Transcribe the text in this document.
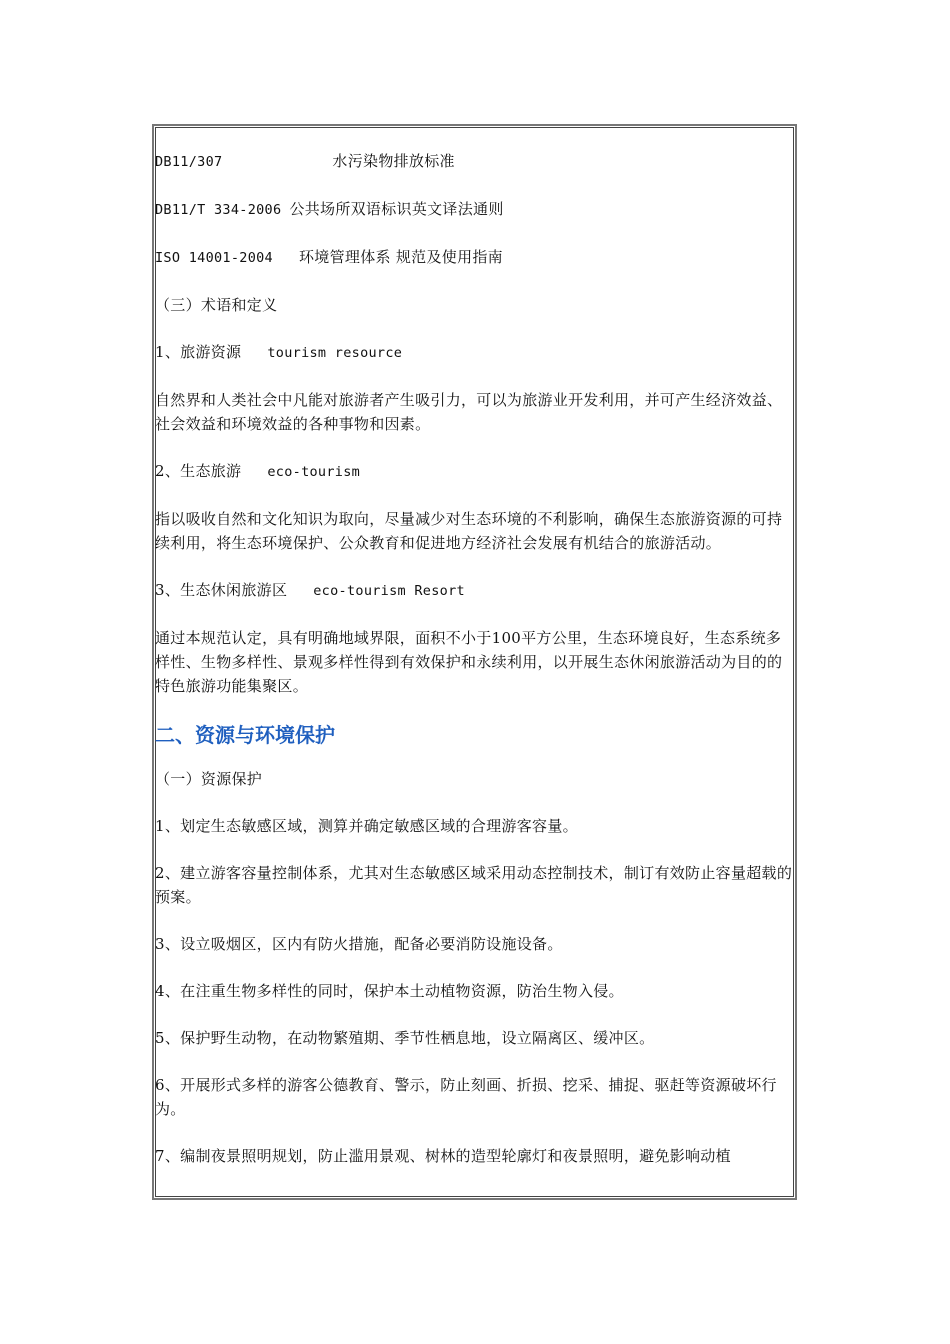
DB11/307	水污染物排放标准

DB11/T 334-2006 公共场所双语标识英文译法通则

ISO 14001-2004 环境管理体系 规范及使用指南

（三）术语和定义

1、旅游资源 tourism resource

自然界和人类社会中凡能对旅游者产生吸引力，可以为旅游业开发利用，并可产生经济效益、社会效益和环境效益的各种事物和因素。

2、生态旅游 eco-tourism

指以吸收自然和文化知识为取向，尽量减少对生态环境的不利影响，确保生态旅游资源的可持续利用，将生态环境保护、公众教育和促进地方经济社会发展有机结合的旅游活动。

3、生态休闲旅游区 eco-tourism Resort

通过本规范认定，具有明确地域界限，面积不小于100平方公里，生态环境良好，生态系统多样性、生物多样性、景观多样性得到有效保护和永续利用，以开展生态休闲旅游活动为目的的特色旅游功能集聚区。

二、资源与环境保护

（一）资源保护

1、划定生态敏感区域，测算并确定敏感区域的合理游客容量。

2、建立游客容量控制体系，尤其对生态敏感区域采用动态控制技术，制订有效防止容量超载的预案。

3、设立吸烟区，区内有防火措施，配备必要消防设施设备。

4、在注重生物多样性的同时，保护本土动植物资源，防治生物入侵。

5、保护野生动物，在动物繁殖期、季节性栖息地，设立隔离区、缓冲区。

6、开展形式多样的游客公德教育、警示，防止刻画、折损、挖采、捕捉、驱赶等资源破坏行为。

7、编制夜景照明规划，防止滥用景观、树林的造型轮廓灯和夜景照明，避免影响动植
